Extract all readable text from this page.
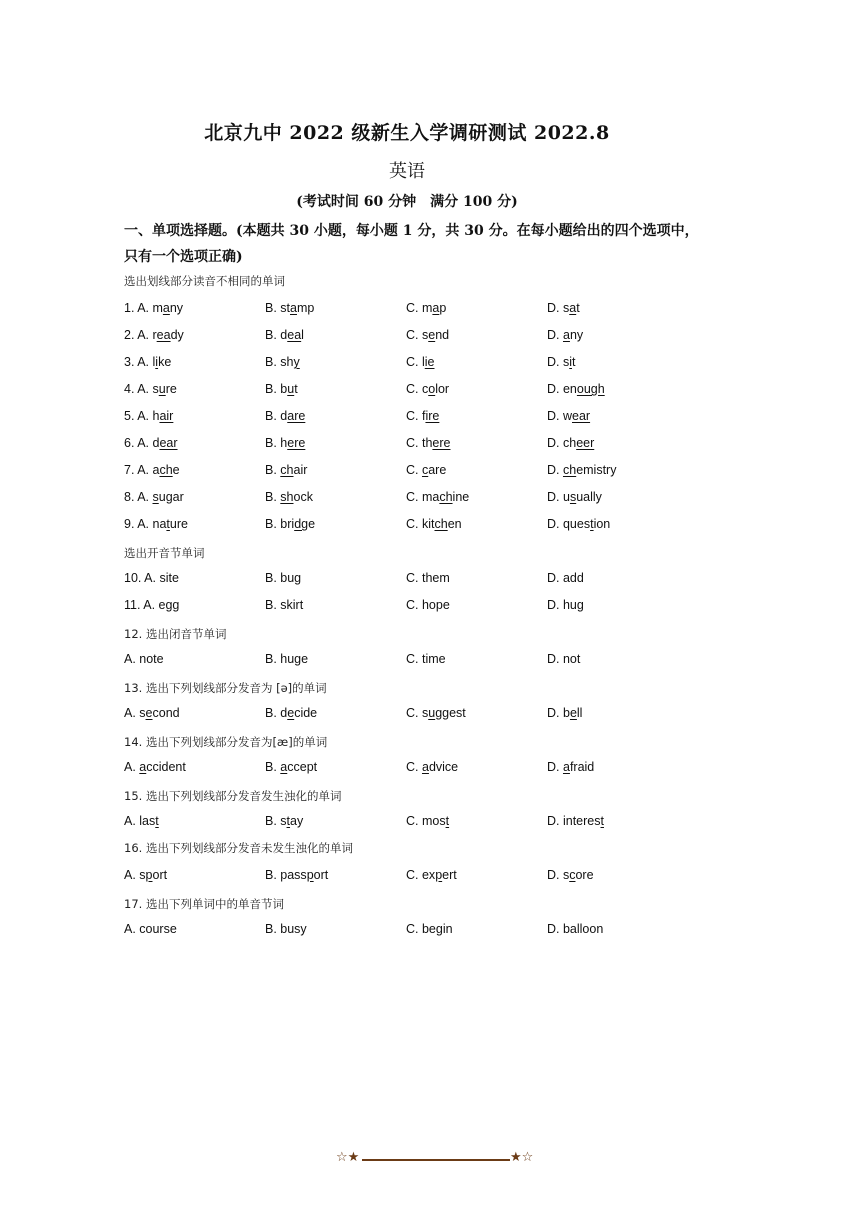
北京九中 2022 级新生入学调研测试 2022.8
英语
(考试时间 60 分钟　满分 100 分)
一、单项选择题。(本题共 30 小题，每小题 1 分，共 30 分。在每小题给出的四个选项中，
只有一个选项正确)
选出划线部分读音不相同的单词
选出开音节单词
12. 选出闭音节单词
13. 选出下列划线部分发音为 [ə]的单词
14. 选出下列划线部分发音为[æ]的单词
15. 选出下列划线部分发音发生浊化的单词
16. 选出下列划线部分发音未发生浊化的单词
17. 选出下列单词中的单音节词
1. A. many	B. stamp	C. map	D. sat
2. A. ready	B. deal	C. send	D. any
3. A. like	B. shy	C. lie	D. sit
4. A. sure	B. but	C. color	D. enough
5. A. hair	B. dare	C. fire	D. wear
6. A. dear	B. here	C. there	D. cheer
7. A. ache	B. chair	C. care	D. chemistry
8. A. sugar	B. shock	C. machine	D. usually
9. A. nature	B. bridge	C. kitchen	D. question
10. A. site	B. bug	C. them	D. add
11. A. egg	B. skirt	C. hope	D. hug
A. note	B. huge	C. time	D. not
A. second	B. decide	C. suggest	D. bell
A. accident	B. accept	C. advice	D. afraid
A. last	B. stay	C. most	D. interest
A. sport	B. passport	C. expert	D. score
A. course	B. busy	C. begin	D. balloon
☆★	★☆
